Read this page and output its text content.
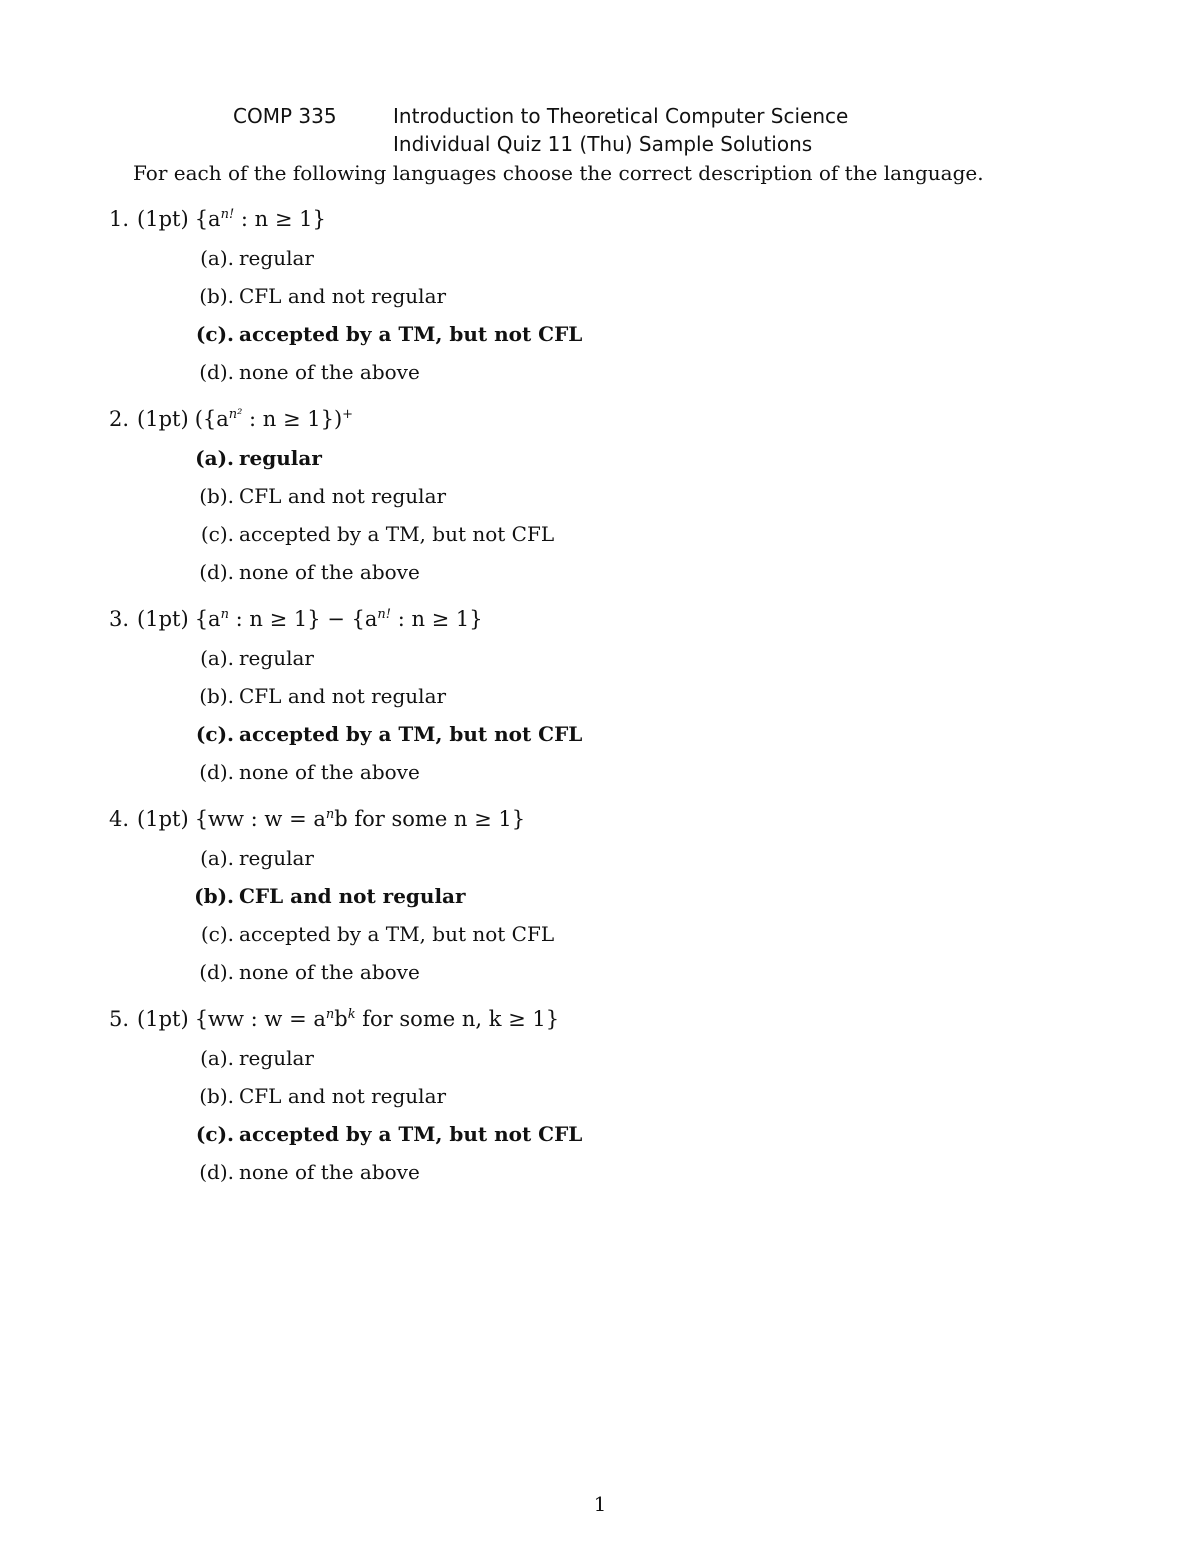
COMP 335	Introduction to Theoretical Computer Science
Individual Quiz 11 (Thu) Sample Solutions
For each of the following languages choose the correct description of the language.
1. (1pt) {$a^{n!}$ : n ≥ 1}
(a). regular
(b). CFL and not regular
(c). accepted by a TM, but not CFL
(d). none of the above
2. (1pt) ({$a^{n^2}$ : n ≥ 1})+
(a). regular
(b). CFL and not regular
(c). accepted by a TM, but not CFL
(d). none of the above
3. (1pt) {$a^n$ : $n \ge 1\} - \{a^{n!}$ : n ≥ 1}
(a). regular
(b). CFL and not regular
(c). accepted by a TM, but not CFL
(d). none of the above
4. (1pt) {ww : $w = a^nb$ for some n ≥ 1}
(a). regular
(b). CFL and not regular
(c). accepted by a TM, but not CFL
(d). none of the above
5. (1pt) {ww : $w = a^nb^k$ for some n, k ≥ 1}
(a). regular
(b). CFL and not regular
(c). accepted by a TM, but not CFL
(d). none of the above
1
